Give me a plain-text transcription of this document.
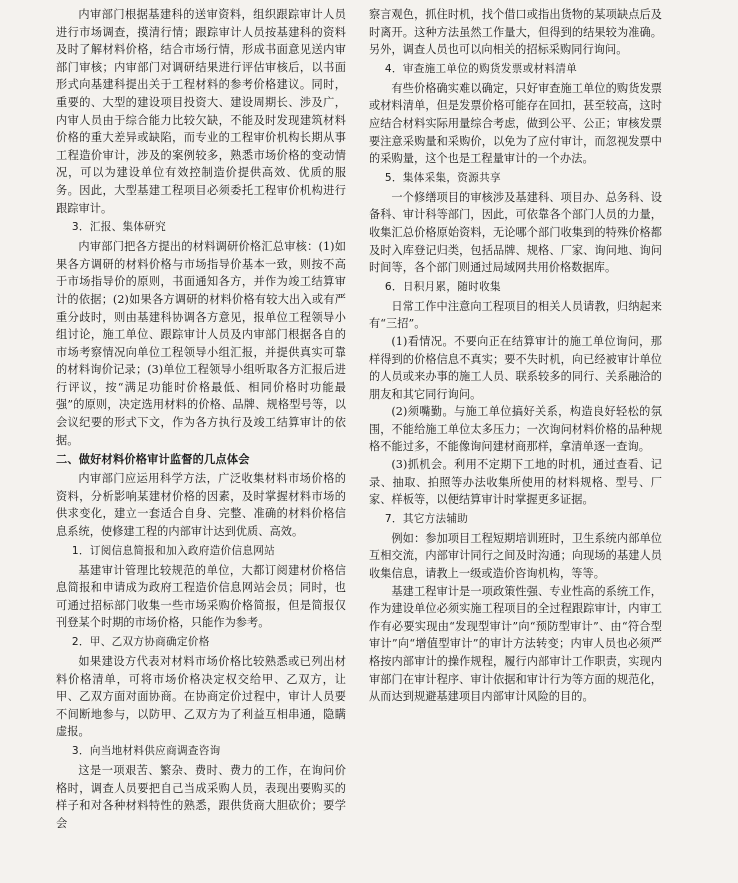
内审部门根据基建科的送审资料，组织跟踪审计人员进行市场调查，摸清行情；跟踪审计人员按基建科的资料及时了解材料价格，结合市场行情，形成书面意见送内审部门审核；内审部门对调研结果进行评估审核后，以书面形式向基建科提出关于工程材料的参考价格建议。同时，重要的、大型的建设项目投资大、建设周期长、涉及广，内审人员由于综合能力比较欠缺，不能及时发现建筑材料价格的重大差异或缺陷，而专业的工程审价机构长期从事工程造价审计，涉及的案例较多，熟悉市场价格的变动情况，可以为建设单位有效控制造价提供高效、优质的服务。因此，大型基建工程项目必须委托工程审价机构进行跟踪审计。

3．汇报、集体研究

内审部门把各方提出的材料调研价格汇总审核：(1)如果各方调研的材料价格与市场指导价基本一致，则按不高于市场指导价的原则，书面通知各方，并作为竣工结算审计的依据；(2)如果各方调研的材料价格有较大出入或有严重分歧时，则由基建科协调各方意见，报单位工程领导小组讨论，施工单位、跟踪审计人员及内审部门根据各自的市场考察情况向单位工程领导小组汇报，并提供真实可靠的材料询价记录；(3)单位工程领导小组听取各方汇报后进行评议，按“满足功能时价格最低、相同价格时功能最强”的原则，决定选用材料的价格、品牌、规格型号等，以会议纪要的形式下文，作为各方执行及竣工结算审计的依据。

二、做好材料价格审计监督的几点体会

内审部门应运用科学方法，广泛收集材料市场价格的资料，分析影响某建材价格的因素，及时掌握材料市场的供求变化，建立一套适合自身、完整、准确的材料价格信息系统，使修建工程的内部审计达到优质、高效。

1．订阅信息简报和加入政府造价信息网站

基建审计管理比较规范的单位，大都订阅建材价格信息简报和申请成为政府工程造价信息网站会员；同时，也可通过招标部门收集一些市场采购价格简报，但是简报仅刊登某个时期的市场价格，只能作为参考。

2．甲、乙双方协商确定价格

如果建设方代表对材料市场价格比较熟悉或已列出材料价格清单，可将市场价格决定权交给甲、乙双方，让甲、乙双方面对面协商。在协商定价过程中，审计人员要不间断地参与，以防甲、乙双方为了利益互相串通，隐瞒虚报。

3．向当地材料供应商调查咨询

这是一项艰苦、繁杂、费时、费力的工作，在询问价格时，调查人员要把自己当成采购人员，表现出要购买的样子和对各种材料特性的熟悉，跟供货商大胆砍价；要学会

察言观色，抓住时机，找个借口或指出货物的某项缺点后及时离开。这种方法虽然工作量大，但得到的结果较为准确。另外，调查人员也可以向相关的招标采购同行询问。

4．审查施工单位的购货发票或材料清单

有些价格确实难以确定，只好审查施工单位的购货发票或材料清单，但是发票价格可能存在回扣，甚至较高，这时应结合材料实际用量综合考虑，做到公平、公正；审核发票要注意采购量和采购价，以免为了应付审计，而忽视发票中的采购量，这个也是工程量审计的一个办法。

5．集体采集，资源共享

一个修缮项目的审核涉及基建科、项目办、总务科、设备科、审计科等部门，因此，可依靠各个部门人员的力量，收集汇总价格原始资料，无论哪个部门收集到的特殊价格都及时入库登记归类，包括品牌、规格、厂家、询问地、询问时间等，各个部门则通过局域网共用价格数据库。

6．日积月累，随时收集

日常工作中注意向工程项目的相关人员请教，归纳起来有“三招”。

(1)看情况。不要向正在结算审计的施工单位询问，那样得到的价格信息不真实；要不失时机，向已经被审计单位的人员或来办事的施工人员、联系较多的同行、关系融洽的朋友和其它同行询问。

(2)须嘴勤。与施工单位搞好关系，构造良好轻松的氛围，不能给施工单位太多压力；一次询问材料价格的品种规格不能过多，不能像询问建材商那样，拿清单逐一查询。

(3)抓机会。利用不定期下工地的时机，通过查看、记录、抽取、拍照等办法收集所使用的材料规格、型号、厂家、样板等，以便结算审计时掌握更多证据。

7．其它方法辅助

例如：参加项目工程短期培训班时，卫生系统内部单位互相交流，内部审计同行之间及时沟通；向现场的基建人员收集信息，请教上一级或造价咨询机构，等等。

基建工程审计是一项政策性强、专业性高的系统工作，作为建设单位必须实施工程项目的全过程跟踪审计，内审工作有必要实现由“发现型审计”向“预防型审计”、由“符合型审计”向“增值型审计”的审计方法转变；内审人员也必须严格按内部审计的操作规程，履行内部审计工作职责，实现内审部门在审计程序、审计依据和审计行为等方面的规范化，从而达到规避基建项目内部审计风险的目的。
